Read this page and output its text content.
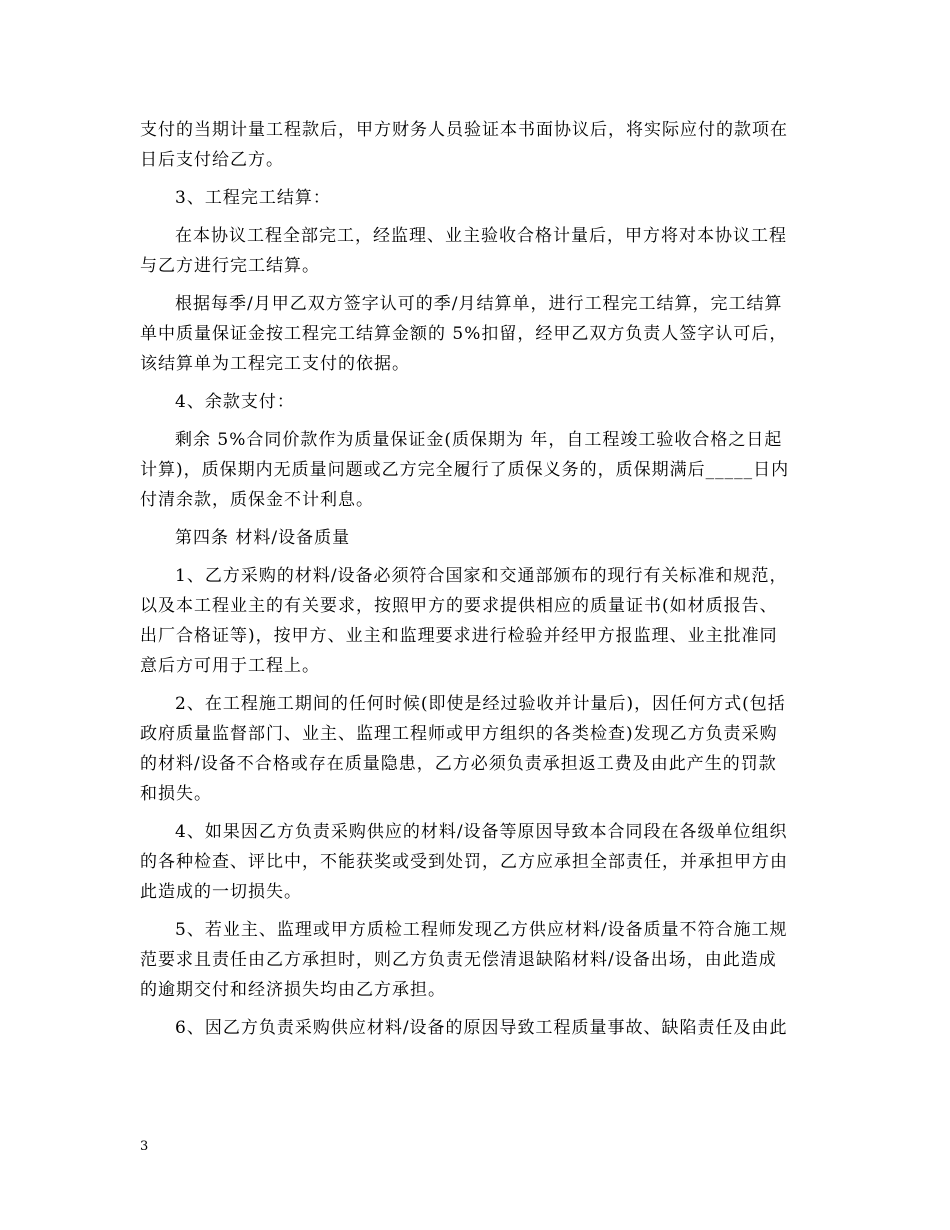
支付的当期计量工程款后，甲方财务人员验证本书面协议后，将实际应付的款项在
日后支付给乙方。

3、工程完工结算：

在本协议工程全部完工，经监理、业主验收合格计量后，甲方将对本协议工程
与乙方进行完工结算。

根据每季/月甲乙双方签字认可的季/月结算单，进行工程完工结算，完工结算
单中质量保证金按工程完工结算金额的 5%扣留，经甲乙双方负责人签字认可后，
该结算单为工程完工支付的依据。

4、余款支付：

剩余 5%合同价款作为质量保证金(质保期为 年，自工程竣工验收合格之日起
计算)，质保期内无质量问题或乙方完全履行了质保义务的，质保期满后_____日内
付清余款，质保金不计利息。

第四条 材料/设备质量

1、乙方采购的材料/设备必须符合国家和交通部颁布的现行有关标准和规范，
以及本工程业主的有关要求，按照甲方的要求提供相应的质量证书(如材质报告、
出厂合格证等)，按甲方、业主和监理要求进行检验并经甲方报监理、业主批准同
意后方可用于工程上。

2、在工程施工期间的任何时候(即使是经过验收并计量后)，因任何方式(包括
政府质量监督部门、业主、监理工程师或甲方组织的各类检查)发现乙方负责采购
的材料/设备不合格或存在质量隐患，乙方必须负责承担返工费及由此产生的罚款
和损失。

4、如果因乙方负责采购供应的材料/设备等原因导致本合同段在各级单位组织
的各种检查、评比中，不能获奖或受到处罚，乙方应承担全部责任，并承担甲方由
此造成的一切损失。

5、若业主、监理或甲方质检工程师发现乙方供应材料/设备质量不符合施工规
范要求且责任由乙方承担时，则乙方负责无偿清退缺陷材料/设备出场，由此造成
的逾期交付和经济损失均由乙方承担。

6、因乙方负责采购供应材料/设备的原因导致工程质量事故、缺陷责任及由此

3
